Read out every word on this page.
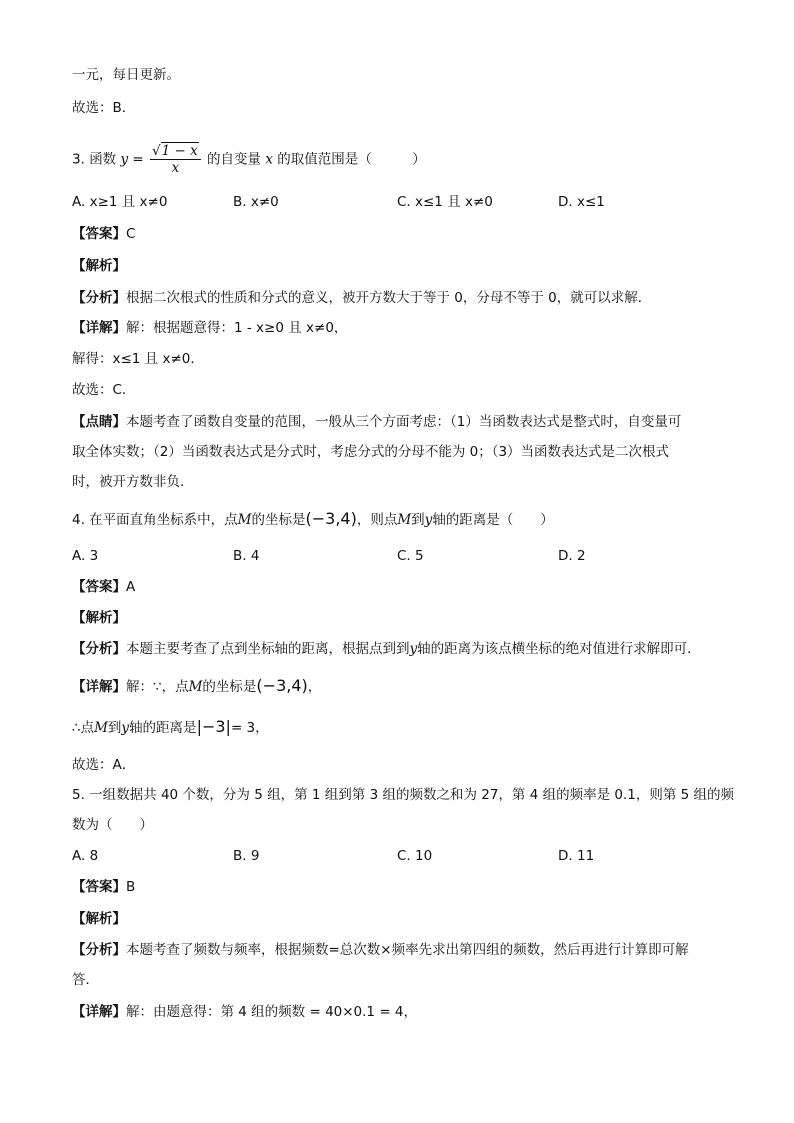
一元，每日更新。
故选：B．
3. 函数 $y = \frac{√1 - x}{x}$ 的自变量 x 的取值范围是（　　　）
A. x≥1 且 x≠0	B. x≠0	C. x≤1 且 x≠0	D. x≤1
【答案】C
【解析】
【分析】根据二次根式的性质和分式的意义，被开方数大于等于 0，分母不等于 0，就可以求解．
【详解】解：根据题意得：1 - x≥0 且 x≠0，
解得：x≤1 且 x≠0．
故选：C．
【点睛】本题考查了函数自变量的范围，一般从三个方面考虑：（1）当函数表达式是整式时，自变量可
取全体实数；（2）当函数表达式是分式时，考虑分式的分母不能为 0；（3）当函数表达式是二次根式
时，被开方数非负．
4. 在平面直角坐标系中，点M的坐标是(−3,4)，则点M到y轴的距离是（　　）
A. 3	B. 4	C. 5	D. 2
【答案】A
【解析】
【分析】本题主要考查了点到坐标轴的距离，根据点到到y轴的距离为该点横坐标的绝对值进行求解即可．
【详解】解：∵，点M的坐标是(−3,4)，
∴点M到y轴的距离是|−3|= 3，
故选：A．
5. 一组数据共 40 个数，分为 5 组，第 1 组到第 3 组的频数之和为 27，第 4 组的频率是 0.1，则第 5 组的频
数为（　　）
A. 8	B. 9	C. 10	D. 11
【答案】B
【解析】
【分析】本题考查了频数与频率，根据频数=总次数×频率先求出第四组的频数，然后再进行计算即可解
答．
【详解】解：由题意得：第 4 组的频数 = 40×0.1 = 4，
